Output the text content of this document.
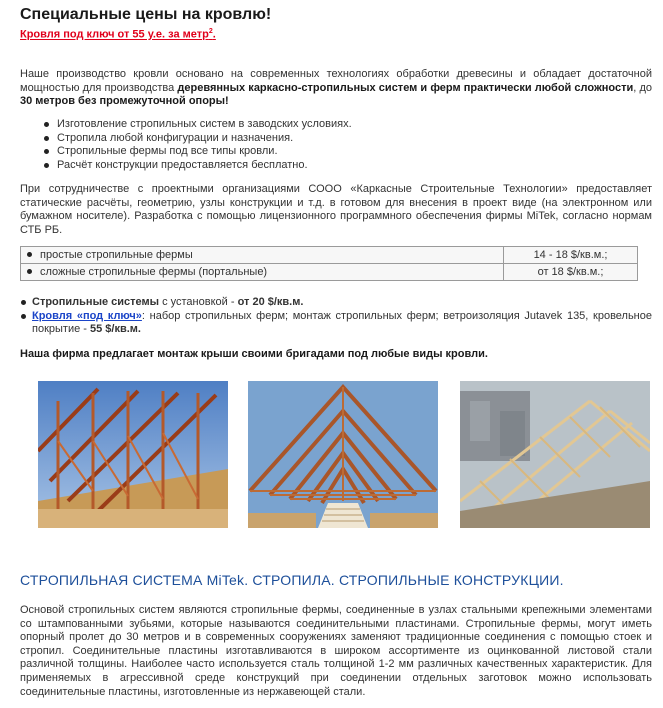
Специальные цены на кровлю!
Кровля под ключ от 55 у.е. за метр$^2$.

Наше производство кровли основано на современных технологиях обработки древесины и обладает достаточной мощностью для производства деревянных каркасно-стропильных систем и ферм практически любой сложности, до 30 метров без промежуточной опоры!

Изготовление стропильных систем в заводских условиях.
Стропила любой конфигурации и назначения.
Стропильные фермы под все типы кровли.
Расчёт конструкции предоставляется бесплатно.

При сотрудничестве с проектными организациями СООО «Каркасные Строительные Технологии» предоставляет статические расчёты, геометрию, узлы конструкции и т.д. в готовом для внесения в проект виде (на электронном или бумажном носителе). Разработка с помощью лицензионного программного обеспечения фирмы MiTek, согласно нормам СТБ РБ.

простые стропильные фермы	14 - 18 $/кв.м.;
сложные стропильные фермы (портальные)	от 18 $/кв.м.;
Стропильные системы с установкой - от 20 $/кв.м.
Кровля «под ключ»: набор стропильных ферм; монтаж стропильных ферм; ветроизоляция Jutavek 135, кровельное покрытие - 55 $/кв.м.
Наша фирма предлагает монтаж крыши своими бригадами под любые виды кровли.
СТРОПИЛЬНАЯ СИСТЕМА MiTek. СТРОПИЛА. СТРОПИЛЬНЫЕ КОНСТРУКЦИИ.

Основой стропильных систем являются стропильные фермы, соединенные в узлах стальными крепежными элементами со штампованными зубьями, которые называются соединительными пластинами. Стропильные фермы, могут иметь опорный пролет до 30 метров и в современных сооружениях заменяют традиционные соединения с помощью стоек и стропил. Соединительные пластины изготавливаются в широком ассортименте из оцинкованной листовой стали различной толщины. Наиболее часто используется сталь толщиной 1-2 мм различных качественных характеристик. Для применяемых в агрессивной среде конструкций при соединении отдельных заготовок можно использовать соединительные пластины, изготовленные из нержавеющей стали.
